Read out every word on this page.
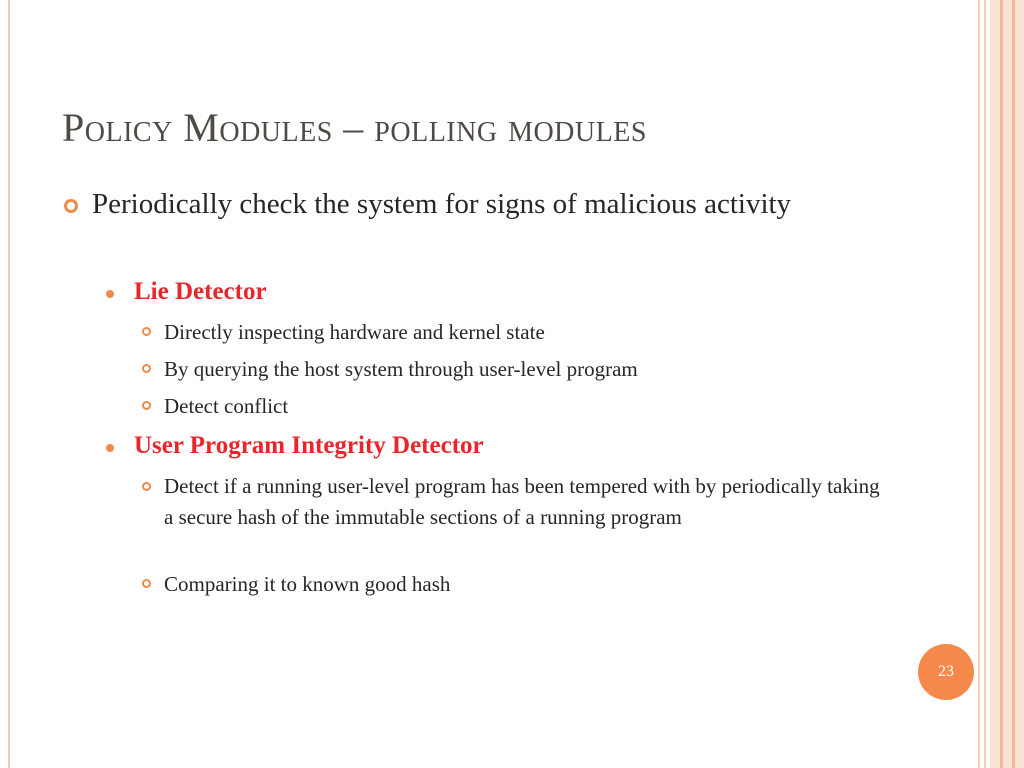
Policy Modules – polling modules
Periodically check the system for signs of malicious activity
Lie Detector
Directly inspecting hardware and kernel state
By querying the host system through user-level program
Detect conflict
User Program Integrity Detector
Detect if a running user-level program has been tempered with by periodically taking a secure hash of the immutable sections of a running program
Comparing it to known good hash
23
